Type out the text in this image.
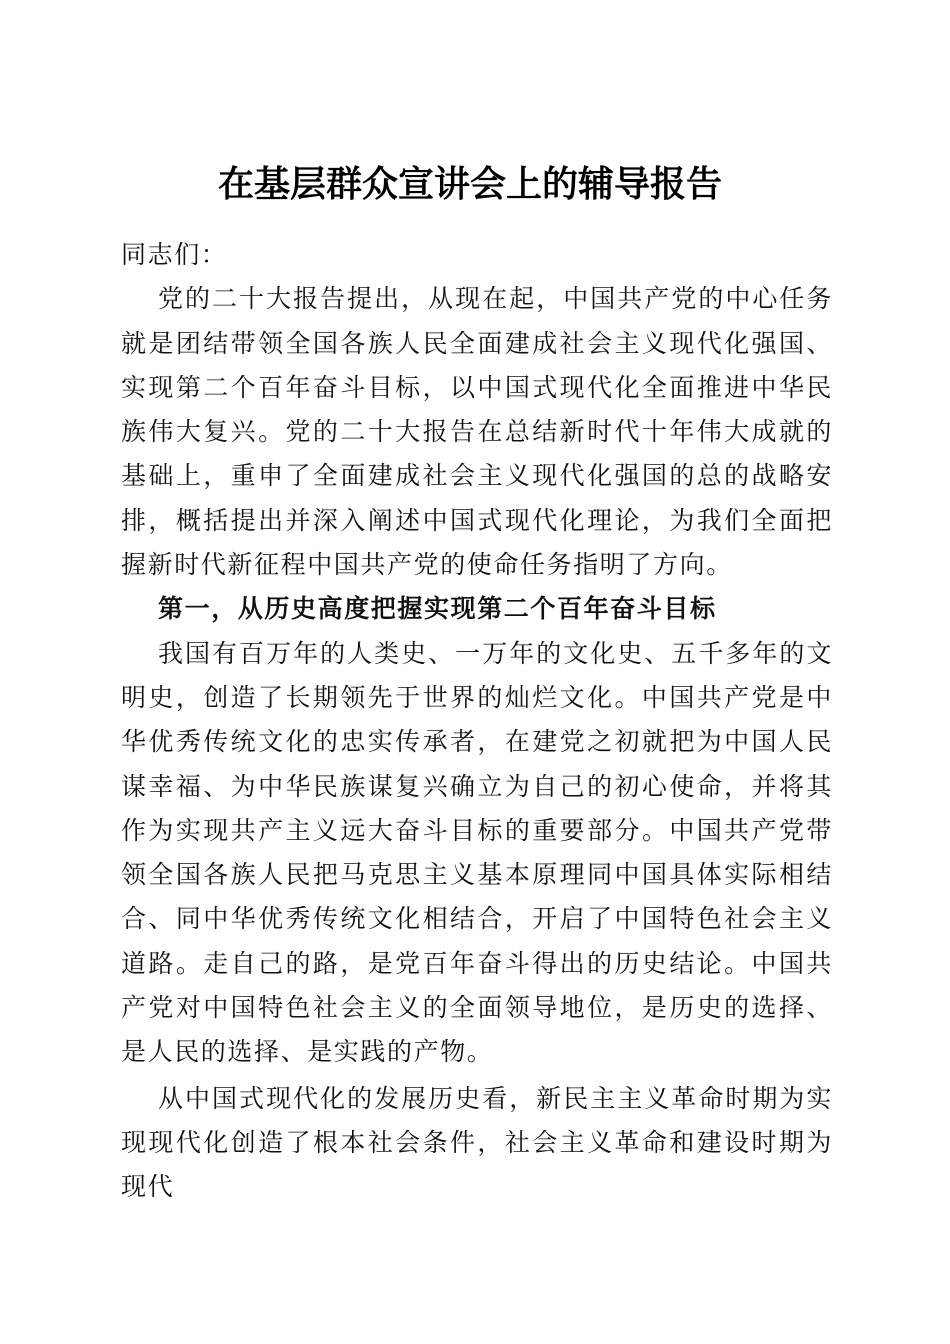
在基层群众宣讲会上的辅导报告

同志们：

党的二十大报告提出，从现在起，中国共产党的中心任务就是团结带领全国各族人民全面建成社会主义现代化强国、实现第二个百年奋斗目标，以中国式现代化全面推进中华民族伟大复兴。党的二十大报告在总结新时代十年伟大成就的基础上，重申了全面建成社会主义现代化强国的总的战略安排，概括提出并深入阐述中国式现代化理论，为我们全面把握新时代新征程中国共产党的使命任务指明了方向。

第一，从历史高度把握实现第二个百年奋斗目标

我国有百万年的人类史、一万年的文化史、五千多年的文明史，创造了长期领先于世界的灿烂文化。中国共产党是中华优秀传统文化的忠实传承者，在建党之初就把为中国人民谋幸福、为中华民族谋复兴确立为自己的初心使命，并将其作为实现共产主义远大奋斗目标的重要部分。中国共产党带领全国各族人民把马克思主义基本原理同中国具体实际相结合、同中华优秀传统文化相结合，开启了中国特色社会主义道路。走自己的路，是党百年奋斗得出的历史结论。中国共产党对中国特色社会主义的全面领导地位，是历史的选择、是人民的选择、是实践的产物。

从中国式现代化的发展历史看，新民主主义革命时期为实现现代化创造了根本社会条件，社会主义革命和建设时期为现代
